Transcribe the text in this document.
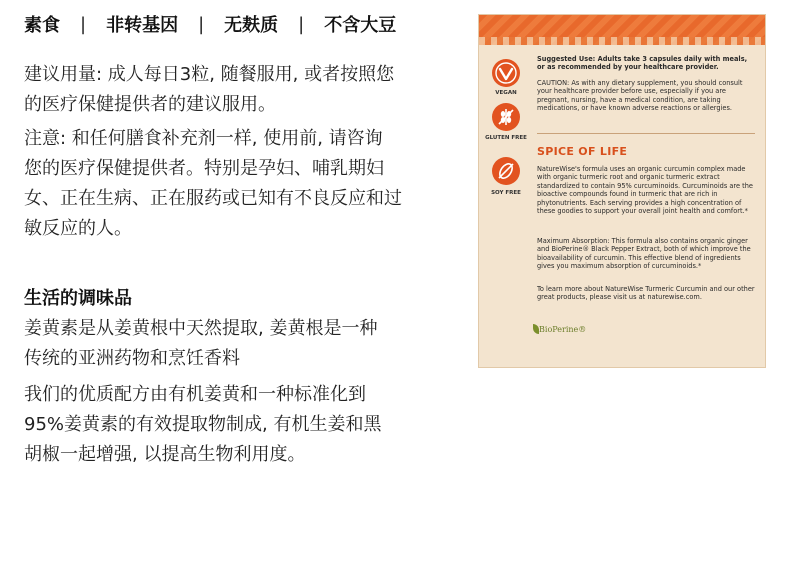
素食 | 非转基因 | 无麸质 | 不含大豆
建议用量: 成人每日3粒, 随餐服用, 或者按照您
的医疗保健提供者的建议服用。
注意: 和任何膳食补充剂一样, 使用前, 请咨询
您的医疗保健提供者。特别是孕妇、哺乳期妇
女、正在生病、正在服药或已知有不良反应和过
敏反应的人。
生活的调味品
姜黄素是从姜黄根中天然提取, 姜黄根是一种
传统的亚洲药物和烹饪香料
我们的优质配方由有机姜黄和一种标准化到
95%姜黄素的有效提取物制成, 有机生姜和黑
胡椒一起增强, 以提高生物利用度。
VEGAN
GLUTEN FREE
SOY FREE
Suggested Use: Adults take 3 capsules daily with meals, or as recommended by your healthcare provider.
CAUTION: As with any dietary supplement, you should consult your healthcare provider before use, especially if you are pregnant, nursing, have a medical condition, are taking medications, or have known adverse reactions or allergies.
SPICE OF LIFE
NatureWise's formula uses an organic curcumin complex made with organic turmeric root and organic turmeric extract standardized to contain 95% curcuminoids. Curcuminoids are the bioactive compounds found in turmeric that are rich in phytonutrients. Each serving provides a high concentration of these goodies to support your overall joint health and comfort.*
Maximum Absorption: This formula also contains organic ginger and BioPerine® Black Pepper Extract, both of which improve the bioavailability of curcumin. This effective blend of ingredients gives you maximum absorption of curcuminoids.*
To learn more about NatureWise Turmeric Curcumin and our other great products, please visit us at naturewise.com.
BioPerine®
